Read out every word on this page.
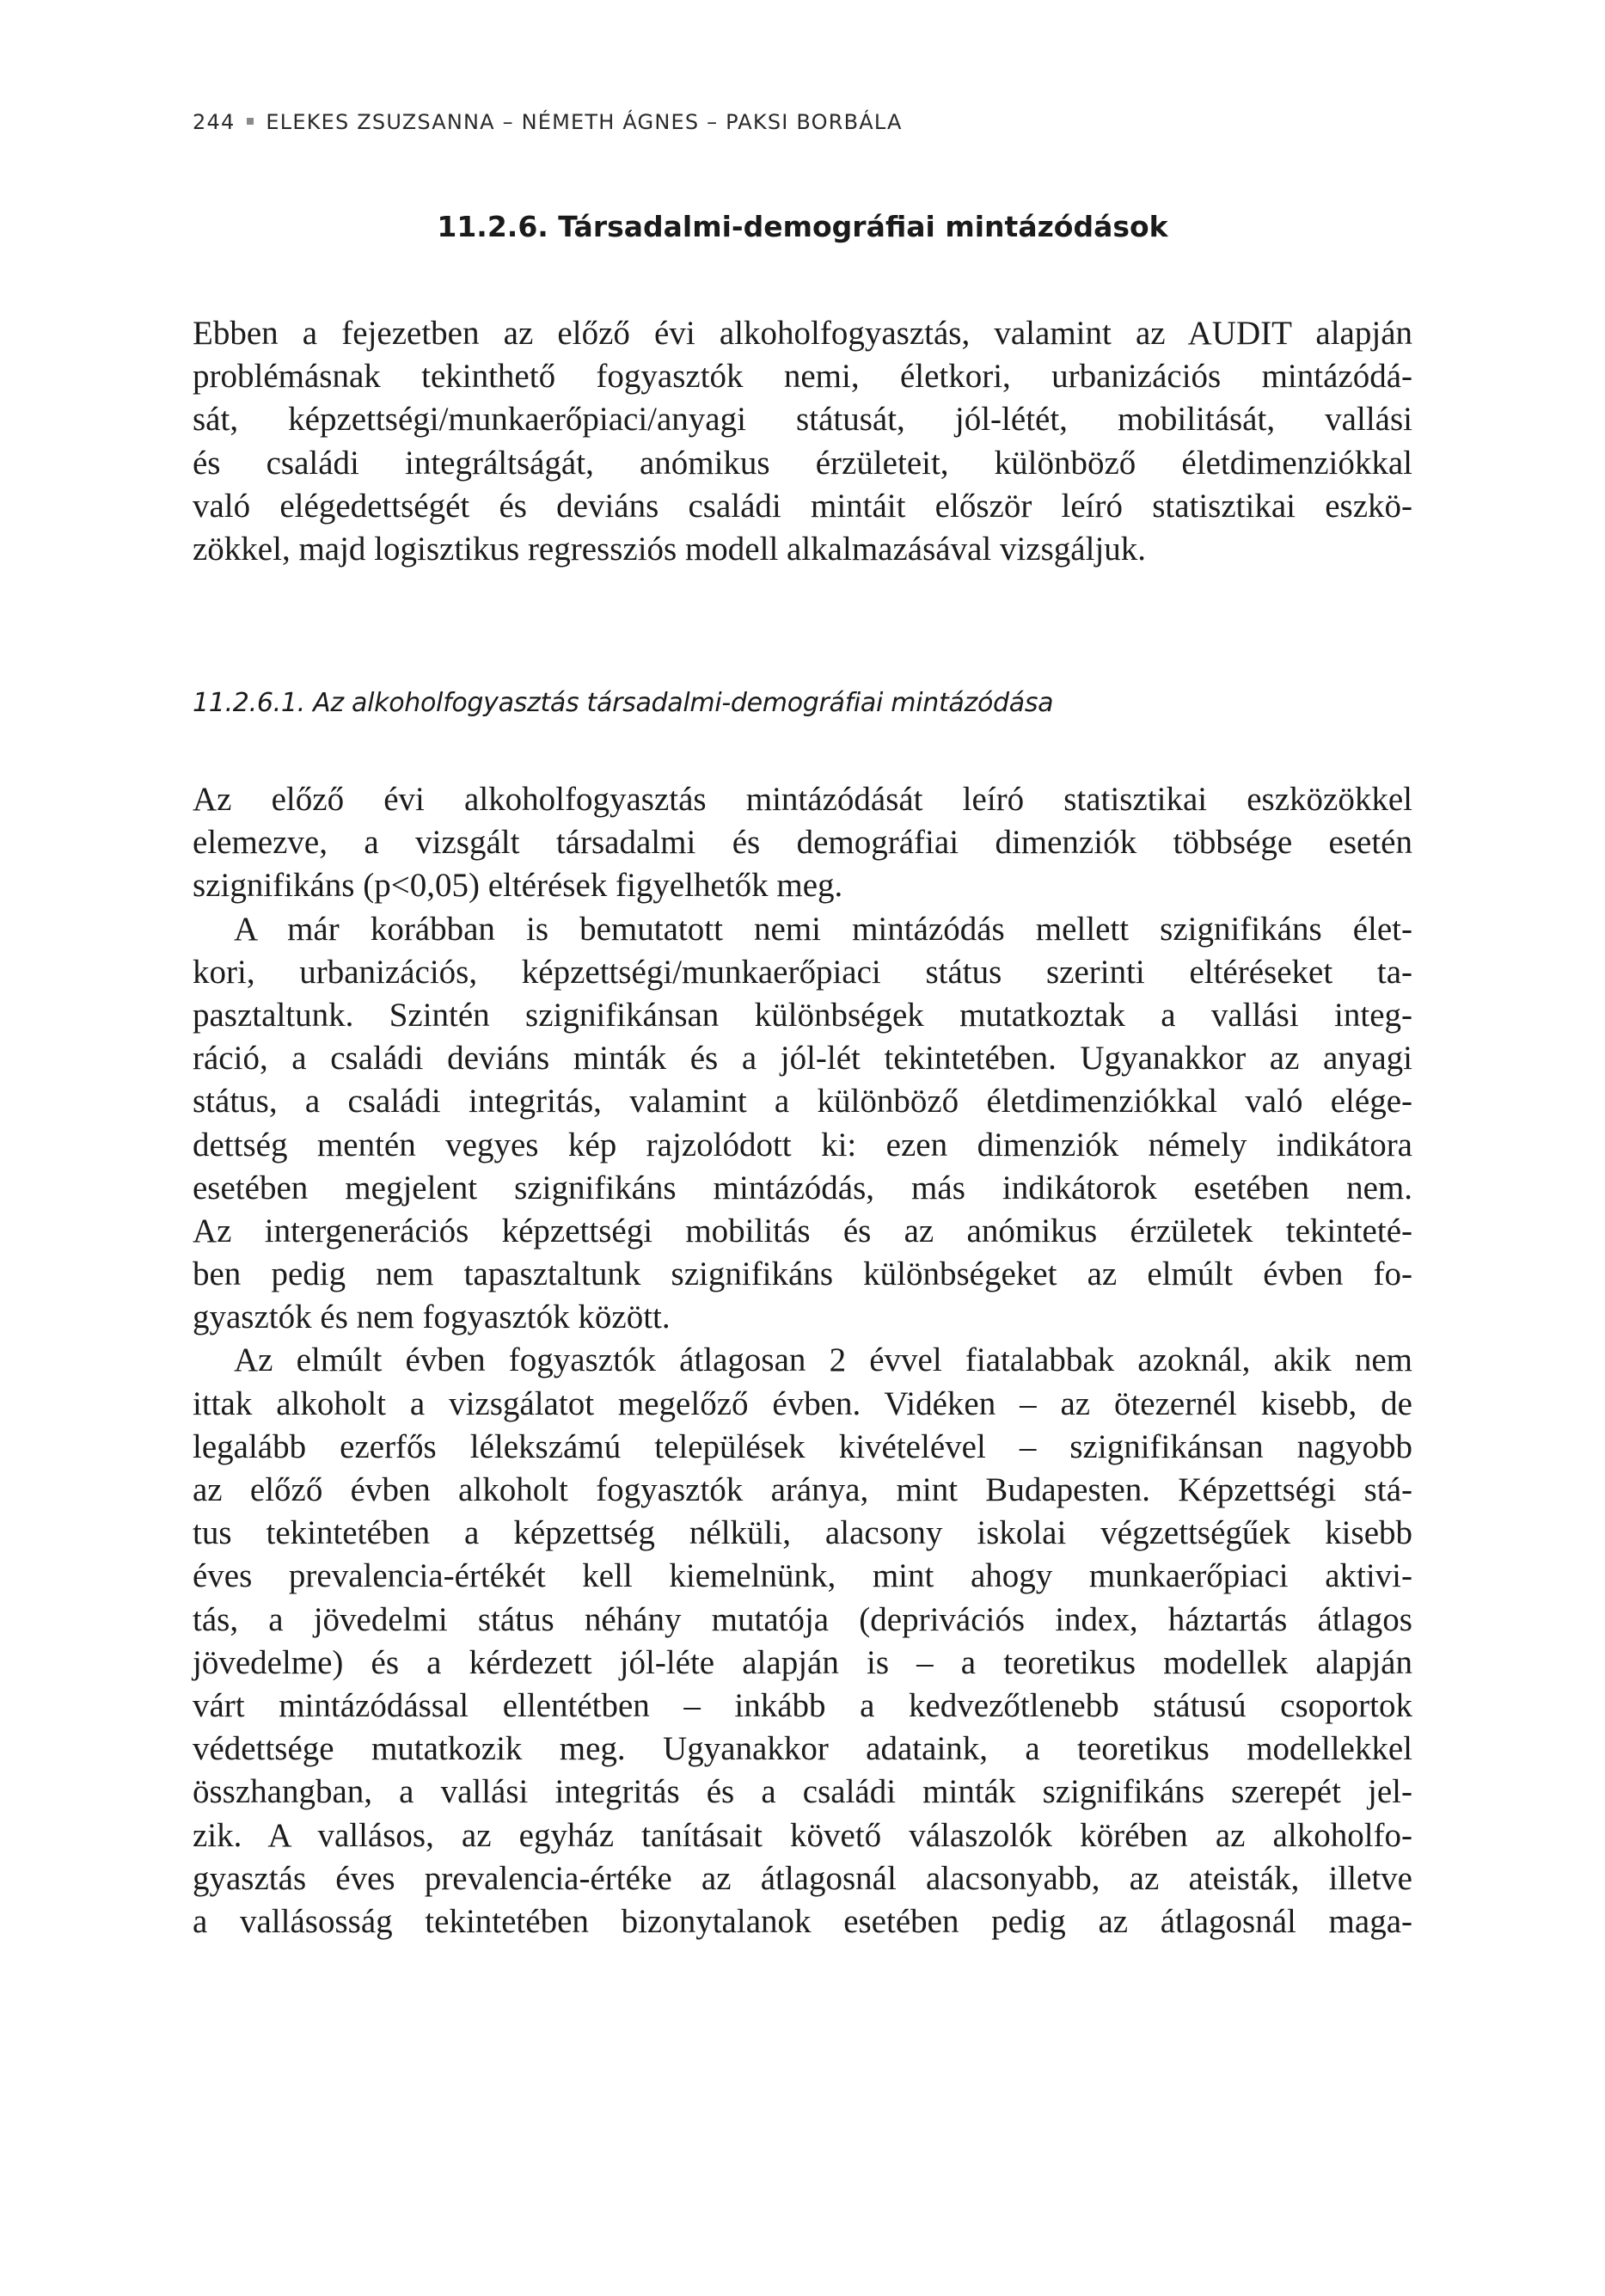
244 ELEKES ZSUZSANNA – NÉMETH ÁGNES – PAKSI BORBÁLA
11.2.6. Társadalmi-demográfiai mintázódások
Ebben a fejezetben az előző évi alkoholfogyasztás, valamint az AUDIT alapján
problémásnak tekinthető fogyasztók nemi, életkori, urbanizációs mintázódá-
sát, képzettségi/munkaerőpiaci/anyagi státusát, jól-létét, mobilitását, vallási
és családi integráltságát, anómikus érzületeit, különböző életdimenziókkal
való elégedettségét és deviáns családi mintáit először leíró statisztikai eszkö-
zökkel, majd logisztikus regressziós modell alkalmazásával vizsgáljuk.
11.2.6.1. Az alkoholfogyasztás társadalmi-demográfiai mintázódása
Az előző évi alkoholfogyasztás mintázódását leíró statisztikai eszközökkel
elemezve, a vizsgált társadalmi és demográfiai dimenziók többsége esetén
szignifikáns (p<0,05) eltérések figyelhetők meg.
A már korábban is bemutatott nemi mintázódás mellett szignifikáns élet-
kori, urbanizációs, képzettségi/munkaerőpiaci státus szerinti eltéréseket ta-
pasztaltunk. Szintén szignifikánsan különbségek mutatkoztak a vallási integ-
ráció, a családi deviáns minták és a jól-lét tekintetében. Ugyanakkor az anyagi
státus, a családi integritás, valamint a különböző életdimenziókkal való elége-
dettség mentén vegyes kép rajzolódott ki: ezen dimenziók némely indikátora
esetében megjelent szignifikáns mintázódás, más indikátorok esetében nem.
Az intergenerációs képzettségi mobilitás és az anómikus érzületek tekinteté-
ben pedig nem tapasztaltunk szignifikáns különbségeket az elmúlt évben fo-
gyasztók és nem fogyasztók között.
Az elmúlt évben fogyasztók átlagosan 2 évvel fiatalabbak azoknál, akik nem
ittak alkoholt a vizsgálatot megelőző évben. Vidéken – az ötezernél kisebb, de
legalább ezerfős lélekszámú települések kivételével – szignifikánsan nagyobb
az előző évben alkoholt fogyasztók aránya, mint Budapesten. Képzettségi stá-
tus tekintetében a képzettség nélküli, alacsony iskolai végzettségűek kisebb
éves prevalencia-értékét kell kiemelnünk, mint ahogy munkaerőpiaci aktivi-
tás, a jövedelmi státus néhány mutatója (deprivációs index, háztartás átlagos
jövedelme) és a kérdezett jól-léte alapján is – a teoretikus modellek alapján
várt mintázódással ellentétben – inkább a kedvezőtlenebb státusú csoportok
védettsége mutatkozik meg. Ugyanakkor adataink, a teoretikus modellekkel
összhangban, a vallási integritás és a családi minták szignifikáns szerepét jel-
zik. A vallásos, az egyház tanításait követő válaszolók körében az alkoholfo-
gyasztás éves prevalencia-értéke az átlagosnál alacsonyabb, az ateisták, illetve
a vallásosság tekintetében bizonytalanok esetében pedig az átlagosnál maga-
